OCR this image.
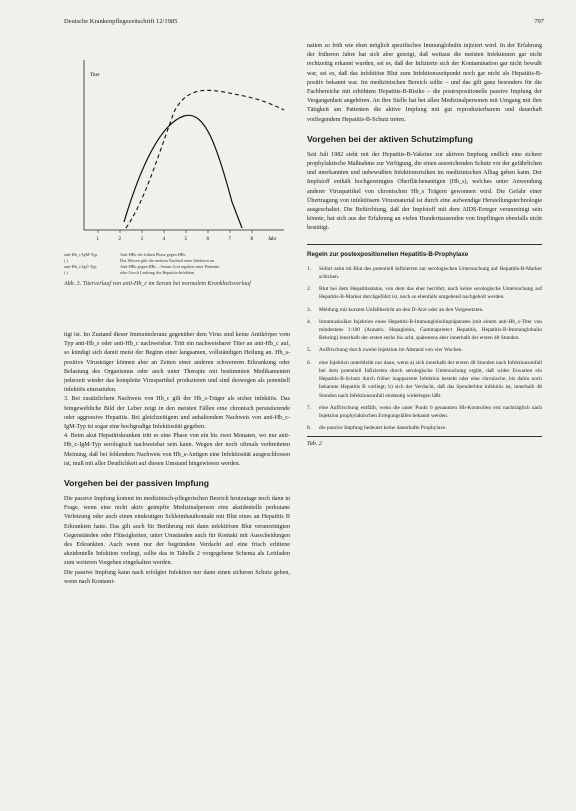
Deutsche Krankenpflegezeitschrift 12/1985	797
Titer
1	2	3	4	5	6	7	8	Jahr
anti-Hb_c-IgM-Typ	Anti-HBc der frühen Phase gegen HBc
( )	Das Wiesen gibt die meisten Nachteil einer Infektion an
anti-Hb_c-IgG-Typ	Anti-HBc gegen HBc – Serum Gott ergeben einer Patientin
( )	oder Gesch Lenkung der Hepatitis-Infektion
Abb. 3. Titerverlauf von anti-Hb_c im Serum bei normalem Krankheitsverlauf

tigt ist. Im Zustand dieser Immuntoleranz gegenüber dem Virus sind keine Antikörper vom Typ anti-Hb_s oder anti-Hb_c nachweisbar. Tritt ein nachweisbarer Titer an anti-Hb_c auf, so kündigt sich damit meist der Beginn einer langsamen, vollständigen Heilung an. Hb_s-positive Virusträger können aber an Zeiten einer anderen schwereren Erkrankung oder Belastung des Organismus oder auch unter Therapie mit bestimmten Medikamenten jederzeit wieder das komplette Viruspartikel produzieren und sind deswegen als potentiell infektiös einzustufen.

3. Bei zusätzlichem Nachweis von Hb_c gilt der Hb_s-Träger als sicher infektiös. Das feingewebliche Bild der Leber zeigt in den meisten Fällen eine chronisch persistierende oder aggressive Hepatitis. Bei gleichzeitigem und anhaltendem Nachweis von anti-Hb_c-IgM-Typ ist sogar eine hochgradige Infektiosität gegeben.

4. Beim akut Hepatitiskranken tritt es eine Phase von ein bis zwei Monaten, wo nur anti-Hb_c-IgM-Typ serologisch nachweisbar sein kann. Wegen der noch oftmals verbreiteten Meinung, daß bei fehlendem Nachweis von Hb_s-Antigen eine Infektiosität ausgeschlossen ist, muß mit aller Deutlichkeit auf diesen Umstand hingewiesen werden.

Vorgehen bei der passiven Impfung

Die passive Impfung kommt im medizinisch-pflegerischen Bereich heutzutage noch dann in Frage, wenn eine nicht aktiv geimpfte Medizinalperson eine akzidentelle perkutane Verletzung oder auch einen eindeutigen Schleimhautkontakt mit Blut eines an Hepatitis B Erkrankten hatte. Das gilt auch für Berührung mit dann infektiösen Blut verunreinigten Gegenständen oder Flüssigkeiten, unter Umständen auch für Kontakt mit Ausscheidungen des Erkrankten. Auch wenn nur der begründete Verdacht auf eine frisch erlittene akzidentelle Infektion vorliegt, sollte das in Tabelle 2 vorgegebene Schema als Leitfaden zum weiteren Vorgehen eingehalten werden.

Die passive Impfung kann nach erfolgter Infektion nur dann einen sicheren Schutz geben, wenn nach Kontami-

nation so früh wie eben möglich spezifisches Immunglobulin injiziert wird. In der Erfahrung der früheren Jahre hat sich aber gezeigt, daß weitaus die meisten Infektionen gar nicht rechtzeitig erkannt wurden, sei es, daß der Infizierte sich der Kontamination gar nicht bewußt war, sei es, daß das infektiöse Blut zum Infektionszeitpunkt noch gar nicht als Hepatitis-B-positiv bekannt war. Im medizinischen Bereich sollte – und das gilt ganz besonders für die Fachbereiche mit erhöhtem Hepatitis-B-Risiko – die postexpositionelle passive Impfung der Vergangenheit angehören. An ihre Stelle hat bei allen Medizinalpersonen mit Umgang mit ihre Tätigkeit am Patienten die aktive Impfung mit gut reproduzierbarem und dauerhaft vorliegendem Hepatitis-B-Schutz treten.

Vorgehen bei der aktiven Schutzimpfung

Seit Juli 1982 steht mit der Hepatitis-B-Vakzine zur aktiven Impfung endlich eine sichere prophylaktische Maßnahme zur Verfügung, die einen ausreichenden Schutz vor der gefährlichen und unerkannten und unbewußten Infektionsrisiken im medizinischen Alltag geben kann. Der Impfstoff enthält hochgereinigtes Oberflächenantigen (Hb_s), welches unter Anwendung anderer Viruspartikel von chronischen Hb_s Trägern gewonnen wird. Die Gefahr einer Übertragung von infektiösem Virusmaterial ist durch eine aufwendige Herstellungstechnologie ausgeschaltet. Die Befürchtung, daß der Impfstoff mit dem AIDS-Erreger verunreinigt sein könnte, hat sich aus der Erfahrung an vielen Hunderttausenden von Impflingen ebenfalls nicht bestätigt.

Regeln zur postexpositionellen Hepatitis-B-Prophylaxe
1.	Sofort zehn ml Blut des potentiell Infizierten zur serologischen Untersuchung auf Hepatitis-B-Marker schicken.
2.	Blut bei dem Hepatitisstatus, von dem das eher herrührt, noch keine serologische Untersuchung auf Hepatitis-B-Marker durchgeführt ist, noch so ebenfalls umgehend nachgeholt werden.
3.	Meldung mit kurzem Unfallbericht an den D-Arzt oder an den Vorgesetzten.
4.	Intramuskuläre Injektion eines Hepatitis-B-Immunglobulinpräparates (mit einem anti-Hb_s-Titer von mindestens 1:100 (Aunativ, Hepaglobin, Gammaprotect Hepatitis, Hepatitis-B-Immunglobulin Behring) innerhalb der ersten sechs bis acht, spätestens aber innerhalb der ersten 48 Stunden.
5.	Auffrischung durch zweite Injektion im Abstand von vier Wochen.
6.	eine Injektion unterbleibt nur dann, wenn a) sich innerhalb der ersten 48 Stunden nach Infektionsunfall bei dem potentiell Infizierten durch serologische Untersuchung ergibt, daß wider Erwarten ein Hepatitis-B-Schutz durch früher inapparente Infektion besteht oder eine chronische, bis dahin noch bekannte Hepatitis B vorliegt; b) sich der Verdacht, daß das Spenderblut infektiös ist, innerhalb 48 Stunden nach Infektionsunfall eindeutig widerlegen läßt.
7.	eine Auffrischung entfällt, wenn die unter Punkt 6 genannten Hb-Kontrollen erst nachträglich nach Injektion prophylaktischen Erregungsläfen bekannt werden.
8.	die passive Impfung bedeutet keine dauerhafte Prophylaxe.
Tab. 2
